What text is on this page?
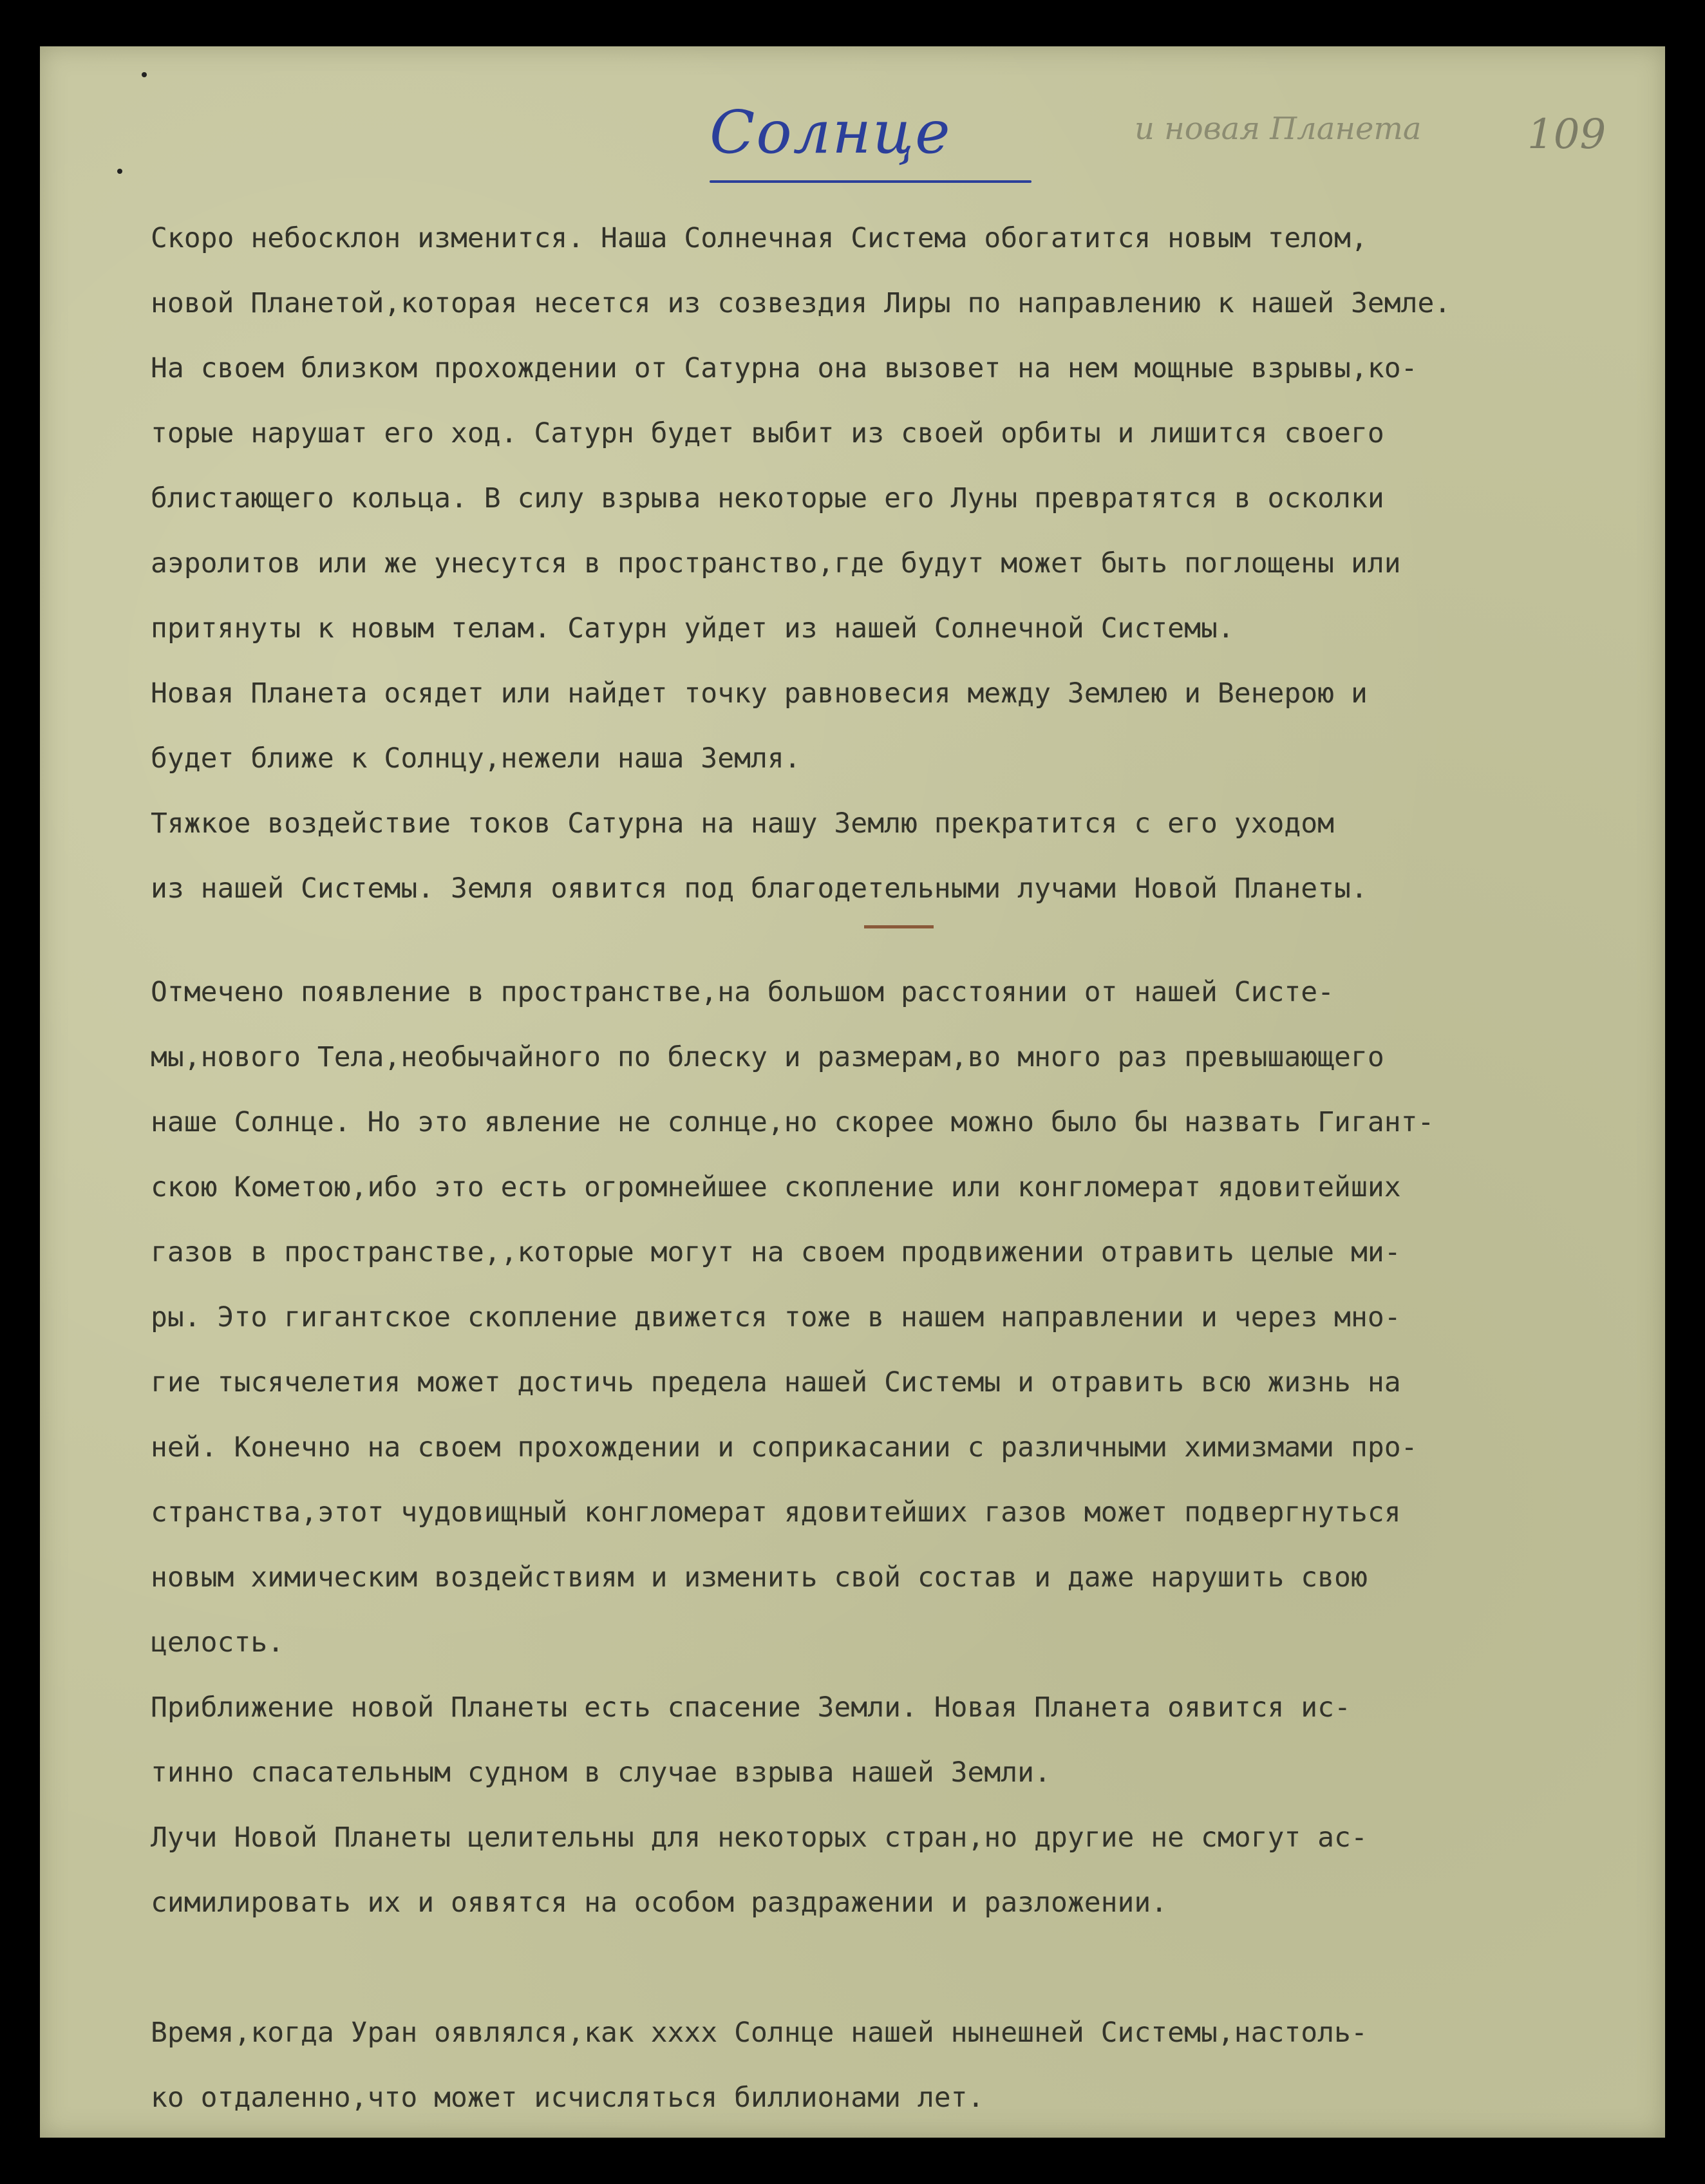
Солнце	и новая Планета	109
Скоро небосклон изменится. Наша Солнечная Система обогатится новым телом,
новой Планетой,которая несется из созвездия Лиры по направлению к нашей Земле.
На своем близком прохождении от Сатурна она вызовет на нем мощные взрывы,ко-
торые нарушат его ход. Сатурн будет выбит из своей орбиты и лишится своего
блистающего кольца. В силу взрыва некоторые его Луны превратятся в осколки
аэролитов или же унесутся в пространство,где будут может быть поглощены или
притянуты к новым телам. Сатурн уйдет из нашей Солнечной Системы.
Новая Планета осядет или найдет точку равновесия между Землею и Венерою и
будет ближе к Солнцу,нежели наша Земля.
Тяжкое воздействие токов Сатурна на нашу Землю прекратится с его уходом
из нашей Системы. Земля оявится под благодетельными лучами Новой Планеты.
Отмечено появление в пространстве,на большом расстоянии от нашей Систе-
мы,нового Тела,необычайного по блеску и размерам,во много раз превышающего
наше Солнце. Но это явление не солнце,но скорее можно было бы назвать Гигант-
скою Кометою,ибо это есть огромнейшее скопление или конгломерат ядовитейших
газов в пространстве,,которые могут на своем продвижении отравить целые ми-
ры. Это гигантское скопление движется тоже в нашем направлении и через мно-
гие тысячелетия может достичь предела нашей Системы и отравить всю жизнь на
ней. Конечно на своем прохождении и соприкасании с различными химизмами про-
странства,этот чудовищный конгломерат ядовитейших газов может подвергнуться
новым химическим воздействиям и изменить свой состав и даже нарушить свою
целость.
Приближение новой Планеты есть спасение Земли. Новая Планета оявится ис-
тинно спасательным судном в случае взрыва нашей Земли.
Лучи Новой Планеты целительны для некоторых стран,но другие не смогут ас-
симилировать их и оявятся на особом раздражении и разложении.
Время,когда Уран оявлялся,как xxxx Солнце нашей нынешней Системы,настоль-
ко отдаленно,что может исчисляться биллионами лет.
